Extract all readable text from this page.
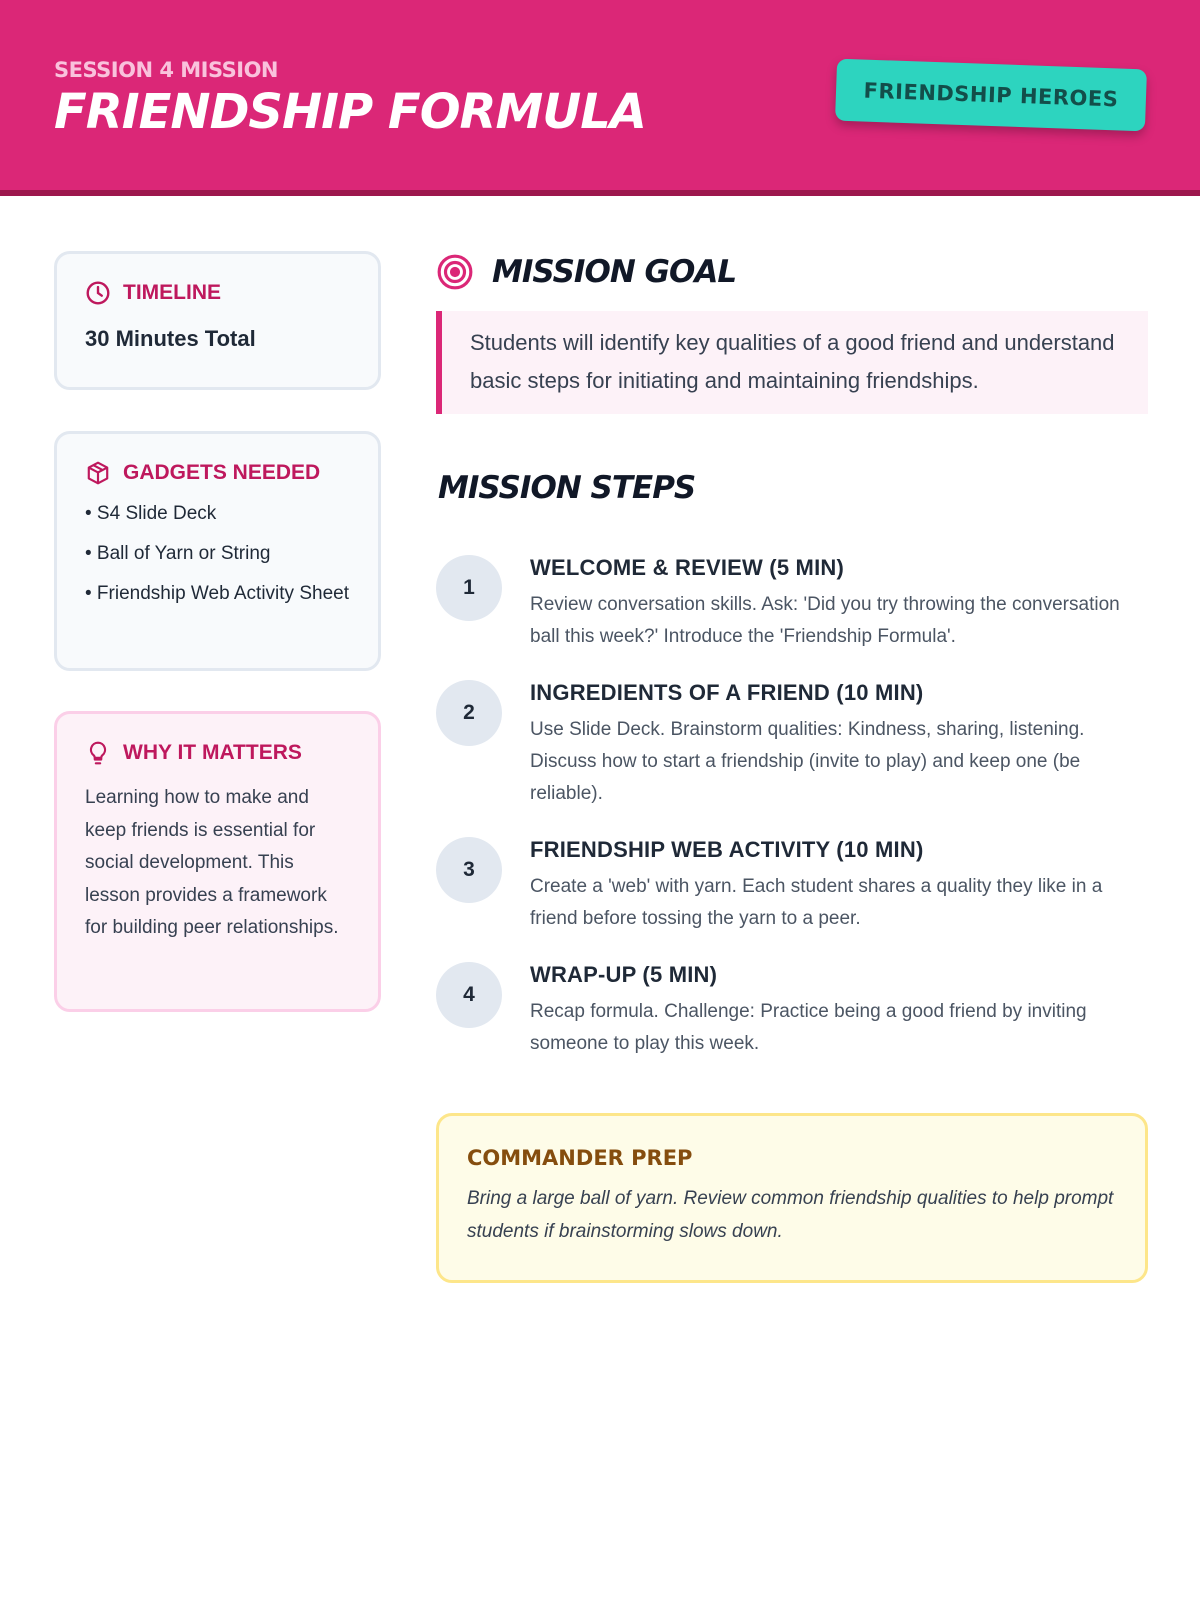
SESSION 4 MISSION
FRIENDSHIP FORMULA	FRIENDSHIP HEROES
TIMELINE
30 Minutes Total
GADGETS NEEDED
• S4 Slide Deck
• Ball of Yarn or String
• Friendship Web Activity Sheet
WHY IT MATTERS

Learning how to make and keep friends is essential for social development. This lesson provides a framework for building peer relationships.

MISSION GOAL
Students will identify key qualities of a good friend and understand basic steps for initiating and maintaining friendships.
MISSION STEPS
1
WELCOME & REVIEW (5 MIN)
Review conversation skills. Ask: 'Did you try throwing the conversation ball this week?' Introduce the 'Friendship Formula'.
2
INGREDIENTS OF A FRIEND (10 MIN)
Use Slide Deck. Brainstorm qualities: Kindness, sharing, listening. Discuss how to start a friendship (invite to play) and keep one (be reliable).
3
FRIENDSHIP WEB ACTIVITY (10 MIN)
Create a 'web' with yarn. Each student shares a quality they like in a friend before tossing the yarn to a peer.
4
WRAP-UP (5 MIN)
Recap formula. Challenge: Practice being a good friend by inviting someone to play this week.
COMMANDER PREP

Bring a large ball of yarn. Review common friendship qualities to help prompt students if brainstorming slows down.
